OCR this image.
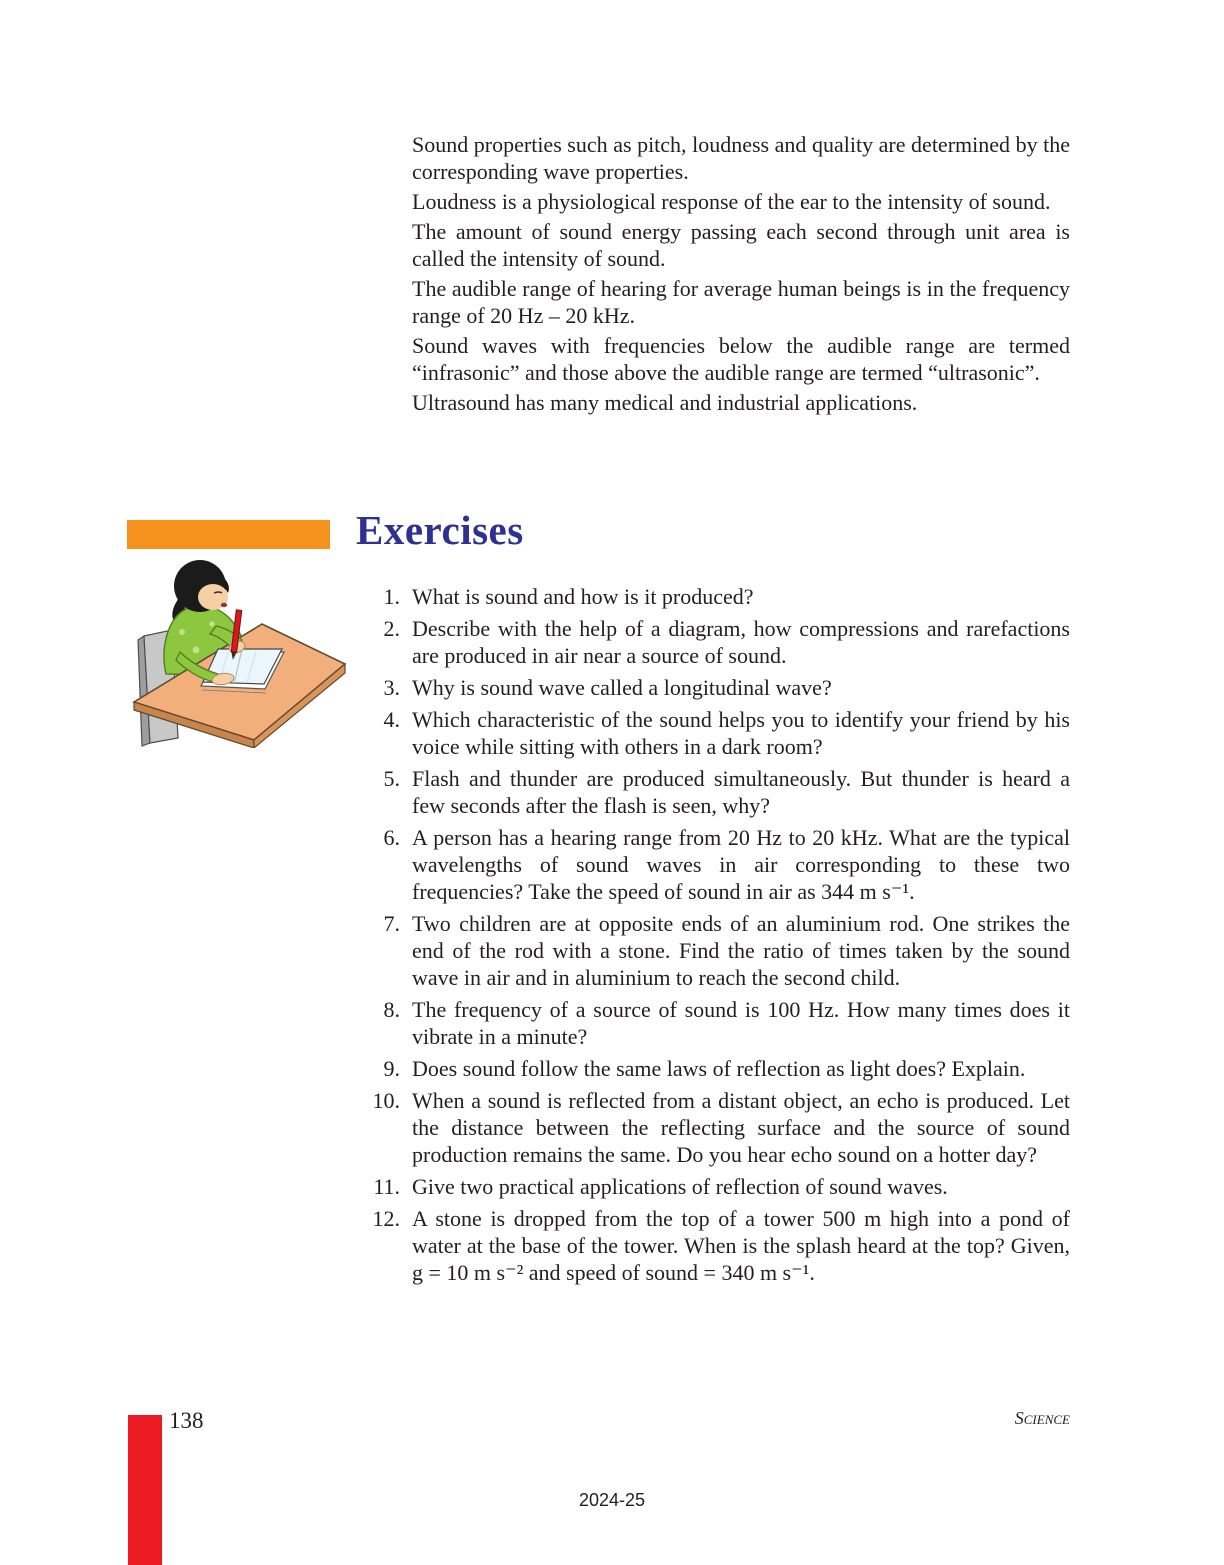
Sound properties such as pitch, loudness and quality are determined by the corresponding wave properties.
Loudness is a physiological response of the ear to the intensity of sound.
The amount of sound energy passing each second through unit area is called the intensity of sound.
The audible range of hearing for average human beings is in the frequency range of 20 Hz – 20 kHz.
Sound waves with frequencies below the audible range are termed “infrasonic” and those above the audible range are termed “ultrasonic”.
Ultrasound has many medical and industrial applications.
Exercises
1. What is sound and how is it produced?
2. Describe with the help of a diagram, how compressions and rarefactions are produced in air near a source of sound.
3. Why is sound wave called a longitudinal wave?
4. Which characteristic of the sound helps you to identify your friend by his voice while sitting with others in a dark room?
5. Flash and thunder are produced simultaneously. But thunder is heard a few seconds after the flash is seen, why?
6. A person has a hearing range from 20 Hz to 20 kHz. What are the typical wavelengths of sound waves in air corresponding to these two frequencies? Take the speed of sound in air as 344 m s⁻¹.
7. Two children are at opposite ends of an aluminium rod. One strikes the end of the rod with a stone. Find the ratio of times taken by the sound wave in air and in aluminium to reach the second child.
8. The frequency of a source of sound is 100 Hz. How many times does it vibrate in a minute?
9. Does sound follow the same laws of reflection as light does? Explain.
10. When a sound is reflected from a distant object, an echo is produced. Let the distance between the reflecting surface and the source of sound production remains the same. Do you hear echo sound on a hotter day?
11. Give two practical applications of reflection of sound waves.
12. A stone is dropped from the top of a tower 500 m high into a pond of water at the base of the tower. When is the splash heard at the top? Given, g = 10 m s⁻² and speed of sound = 340 m s⁻¹.
138	Science
2024-25
